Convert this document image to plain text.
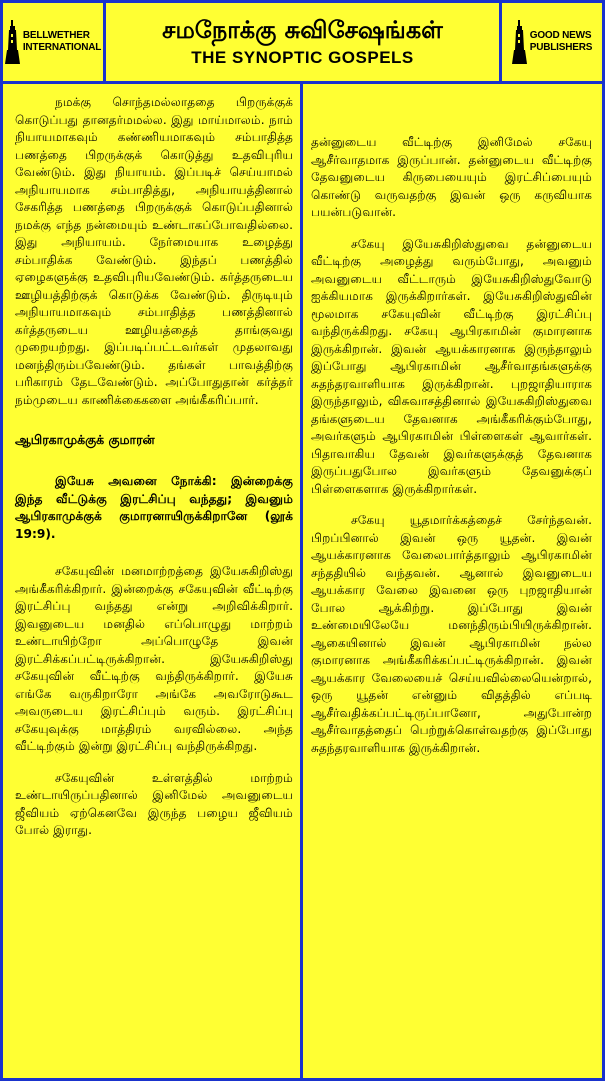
BELLWETHER
INTERNATIONAL
சமநோக்கு சுவிசேஷங்கள்
THE SYNOPTIC GOSPELS
GOOD NEWS
PUBLISHERS

நமக்கு சொந்தமல்லாததை பிறருக்குக் கொடுப்பது தானதர்மமல்ல. இது மாய்மாலம். நாம் நியாயமாகவும் கண்ணியமாகவும் சம்பாதித்த பணத்தை பிறருக்குக் கொடுத்து உதவிபுரிய வேண்டும். இது நியாயம். இப்படிச் செய்யாமல் அநியாயமாக சம்பாதித்து, அநியாயத்தினால் சேகரித்த பணத்தை பிறருக்குக் கொடுப்பதினால் நமக்கு எந்த நன்மையும் உண்டாகப்போவதில்லை. இது அநியாயம். நேர்மையாக உழைத்து சம்பாதிக்க வேண்டும். இந்தப் பணத்தில் ஏழைகளுக்கு உதவிபுரியவேண்டும். கர்த்தருடைய ஊழியத்திற்குக் கொடுக்க வேண்டும். திருடியும் அநியாயமாகவும் சம்பாதித்த பணத்தினால் கர்த்தருடைய ஊழியத்தைத் தாங்குவது முறையற்றது. இப்படிப்பட்டவர்கள் முதலாவது மனந்திரும்பவேண்டும். தங்கள் பாவத்திற்கு பரிகாரம் தேடவேண்டும். அப்போதுதான் கர்த்தர் நம்முடைய காணிக்கைகளை அங்கீகரிப்பார்.

ஆபிரகாமுக்குக் குமாரன்

இயேசு அவனை நோக்கி: இன்றைக்கு இந்த வீட்டுக்கு இரட்சிப்பு வந்தது; இவனும் ஆபிரகாமுக்குக் குமாரனாயிருக்கிறானே (லூக் 19:9).

சகேயுவின் மனமாற்றத்தை இயேசுகிறிஸ்து அங்கீகரிக்கிறார். இன்றைக்கு சகேயுவின் வீட்டிற்கு இரட்சிப்பு வந்தது என்று அறிவிக்கிறார். இவனுடைய மனதில் எப்பொழுது மாற்றம் உண்டாயிற்றோ அப்பொழுதே இவன் இரட்சிக்கப்பட்டிருக்கிறான். இயேசுகிறிஸ்து சகேயுவின் வீட்டிற்கு வந்திருக்கிறார். இயேசு எங்கே வருகிறாரோ அங்கே அவரோடுகூட அவருடைய இரட்சிப்பும் வரும். இரட்சிப்பு சகேயுவுக்கு மாத்திரம் வரவில்லை. அந்த வீட்டிற்கும் இன்று இரட்சிப்பு வந்திருக்கிறது.

சகேயுவின் உள்ளத்தில் மாற்றம் உண்டாயிருப்பதினால் இனிமேல் அவனுடைய ஜீவியம் ஏற்கெனவே இருந்த பழைய ஜீவியம் போல் இராது.

தன்னுடைய வீட்டிற்கு இனிமேல் சகேயு ஆசீர்வாதமாக இருப்பான். தன்னுடைய வீட்டிற்கு தேவனுடைய கிருபையையும் இரட்சிப்பையும் கொண்டு வருவதற்கு இவன் ஒரு கருவியாக பயன்படுவான்.

சகேயு இயேசுகிறிஸ்துவை தன்னுடைய வீட்டிற்கு அழைத்து வரும்போது, அவனும் அவனுடைய வீட்டாரும் இயேசுகிறிஸ்துவோடு ஐக்கியமாக இருக்கிறார்கள். இயேசுகிறிஸ்துவின் மூலமாக சகேயுவின் வீட்டிற்கு இரட்சிப்பு வந்திருக்கிறது. சகேயு ஆபிரகாமின் குமாரனாக இருக்கிறான். இவன் ஆயக்காரனாக இருந்தாலும் இப்போது ஆபிரகாமின் ஆசீர்வாதங்களுக்கு சுதந்தரவாளியாக இருக்கிறான். புறஜாதியாராக இருந்தாலும், விசுவாசத்தினால் இயேசுகிறிஸ்துவை தங்களுடைய தேவனாக அங்கீகரிக்கும்போது, அவர்களும் ஆபிரகாமின் பிள்ளைகள் ஆவார்கள். பிதாவாகிய தேவன் இவர்களுக்குத் தேவனாக இருப்பதுபோல இவர்களும் தேவனுக்குப் பிள்ளைகளாக இருக்கிறார்கள்.

சகேயு யூதமார்க்கத்தைச் சேர்ந்தவன். பிறப்பினால் இவன் ஒரு யூதன். இவன் ஆயக்காரனாக வேலைபார்த்தாலும் ஆபிரகாமின் சந்ததியில் வந்தவன். ஆனால் இவனுடைய ஆயக்கார வேலை இவனை ஒரு புறஜாதியான் போல ஆக்கிற்று. இப்போது இவன் உண்மையிலேயே மனந்திரும்பியிருக்கிறான். ஆகையினால் இவன் ஆபிரகாமின் நல்ல குமாரனாக அங்கீகரிக்கப்பட்டிருக்கிறான். இவன் ஆயக்கார வேலையைச் செய்யவில்லையென்றால், ஒரு யூதன் என்னும் விதத்தில் எப்படி ஆசீர்வதிக்கப்பட்டிருப்பானோ, அதுபோன்ற ஆசீர்வாதத்தைப் பெற்றுக்கொள்வதற்கு இப்போது சுதந்தரவாளியாக இருக்கிறான்.
